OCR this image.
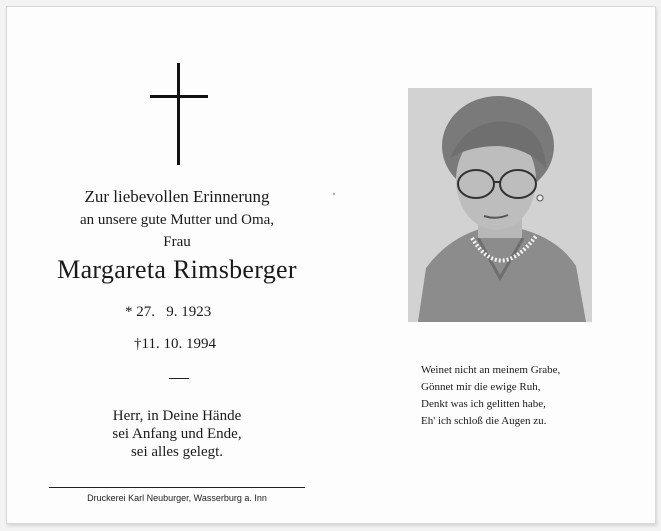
Zur liebevollen Erinnerung
an unsere gute Mutter und Oma,
Frau
Margareta Rimsberger
* 27.   9. 1923
†11. 10. 1994
Herr, in Deine Hände
sei Anfang und Ende,
sei alles gelegt.
Druckerei Karl Neuburger, Wasserburg a. Inn
Weinet nicht an meinem Grabe,
Gönnet mir die ewige Ruh,
Denkt was ich gelitten habe,
Eh' ich schloß die Augen zu.
